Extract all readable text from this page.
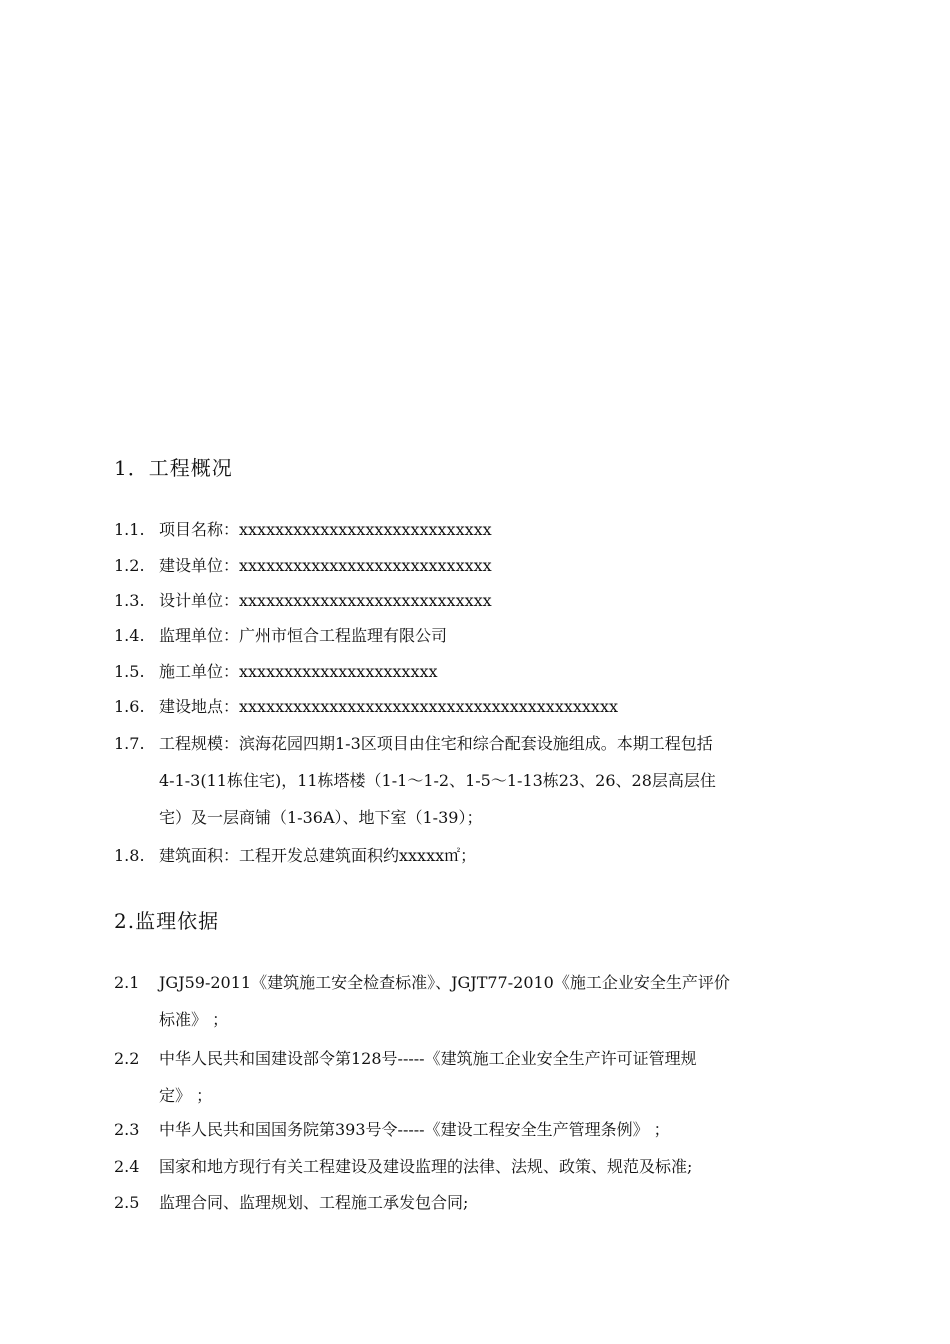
1．工程概况
1.1. 项目名称：xxxxxxxxxxxxxxxxxxxxxxxxxxxx
1.2. 建设单位：xxxxxxxxxxxxxxxxxxxxxxxxxxxx
1.3. 设计单位：xxxxxxxxxxxxxxxxxxxxxxxxxxxx
1.4. 监理单位：广州市恒合工程监理有限公司
1.5. 施工单位：xxxxxxxxxxxxxxxxxxxxxx
1.6. 建设地点：xxxxxxxxxxxxxxxxxxxxxxxxxxxxxxxxxxxxxxxxxx
1.7. 工程规模：滨海花园四期1-3区项目由住宅和综合配套设施组成。本期工程包括
4-1-3(11栋住宅)，11栋塔楼（1-1～1-2、1-5～1-13栋23、26、28层高层住
宅）及一层商铺（1-36A）、地下室（1-39）；
1.8. 建筑面积：工程开发总建筑面积约xxxxx㎡；
2.监理依据
2.1	JGJ59-2011《建筑施工安全检查标准》、JGJT77-2010《施工企业安全生产评价
标准》 ；
2.2	中华人民共和国建设部令第128号-----《建筑施工企业安全生产许可证管理规
定》 ；
2.3 中华人民共和国国务院第393号令-----《建设工程安全生产管理条例》 ；
2.4 国家和地方现行有关工程建设及建设监理的法律、法规、政策、规范及标准;
2.5 监理合同、监理规划、工程施工承发包合同;
